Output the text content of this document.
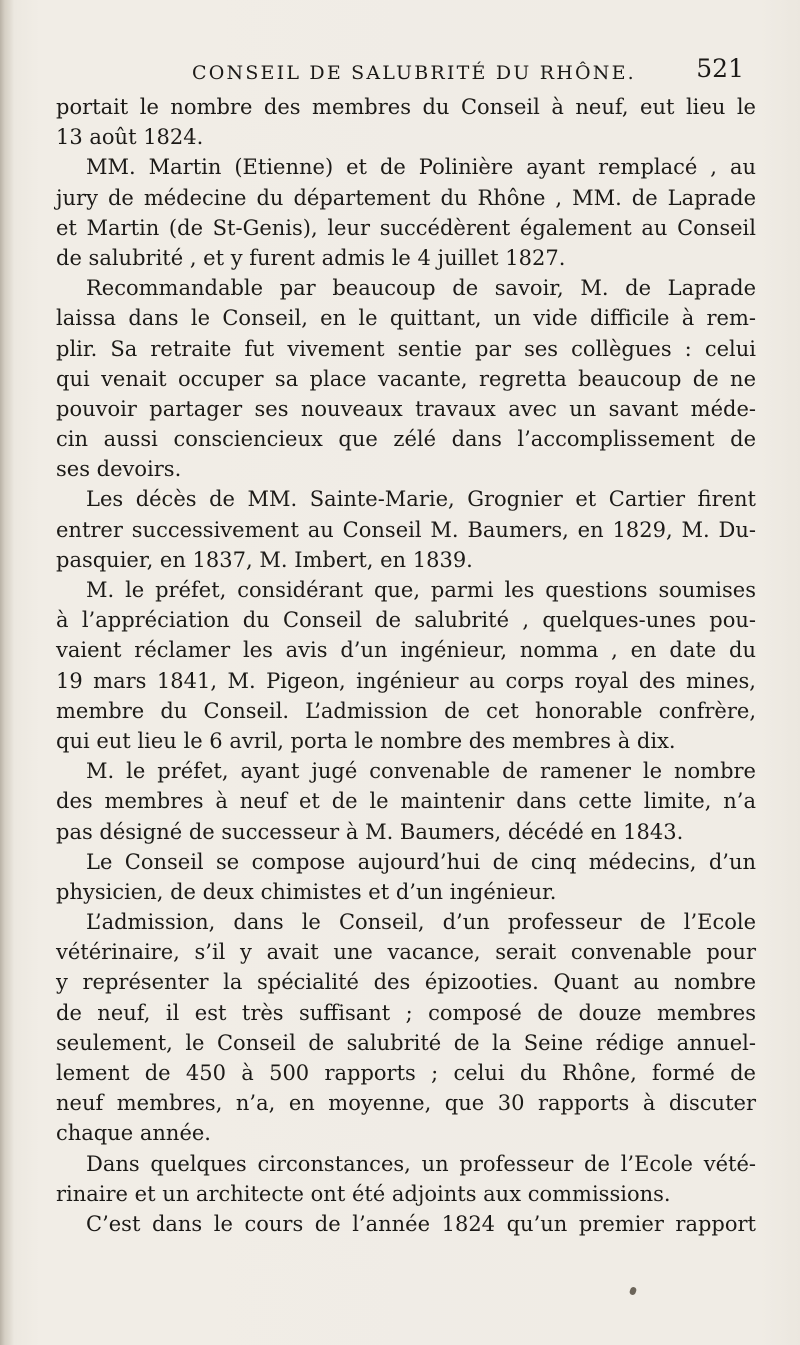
CONSEIL DE SALUBRITÉ DU RHÔNE. 521
portait le nombre des membres du Conseil à neuf, eut lieu le
13 août 1824.
MM. Martin (Etienne) et de Polinière ayant remplacé , au
jury de médecine du département du Rhône , MM. de Laprade
et Martin (de St-Genis), leur succédèrent également au Conseil
de salubrité , et y furent admis le 4 juillet 1827.
Recommandable par beaucoup de savoir, M. de Laprade
laissa dans le Conseil, en le quittant, un vide difficile à rem-
plir. Sa retraite fut vivement sentie par ses collègues : celui
qui venait occuper sa place vacante, regretta beaucoup de ne
pouvoir partager ses nouveaux travaux avec un savant méde-
cin aussi consciencieux que zélé dans l’accomplissement de
ses devoirs.
Les décès de MM. Sainte-Marie, Grognier et Cartier firent
entrer successivement au Conseil M. Baumers, en 1829, M. Du-
pasquier, en 1837, M. Imbert, en 1839.
M. le préfet, considérant que, parmi les questions soumises
à l’appréciation du Conseil de salubrité , quelques-unes pou-
vaient réclamer les avis d’un ingénieur, nomma , en date du
19 mars 1841, M. Pigeon, ingénieur au corps royal des mines,
membre du Conseil. L’admission de cet honorable confrère,
qui eut lieu le 6 avril, porta le nombre des membres à dix.
M. le préfet, ayant jugé convenable de ramener le nombre
des membres à neuf et de le maintenir dans cette limite, n’a
pas désigné de successeur à M. Baumers, décédé en 1843.
Le Conseil se compose aujourd’hui de cinq médecins, d’un
physicien, de deux chimistes et d’un ingénieur.
L’admission, dans le Conseil, d’un professeur de l’Ecole
vétérinaire, s’il y avait une vacance, serait convenable pour
y représenter la spécialité des épizooties. Quant au nombre
de neuf, il est très suffisant ; composé de douze membres
seulement, le Conseil de salubrité de la Seine rédige annuel-
lement de 450 à 500 rapports ; celui du Rhône, formé de
neuf membres, n’a, en moyenne, que 30 rapports à discuter
chaque année.
Dans quelques circonstances, un professeur de l’Ecole vété-
rinaire et un architecte ont été adjoints aux commissions.
C’est dans le cours de l’année 1824 qu’un premier rapport
